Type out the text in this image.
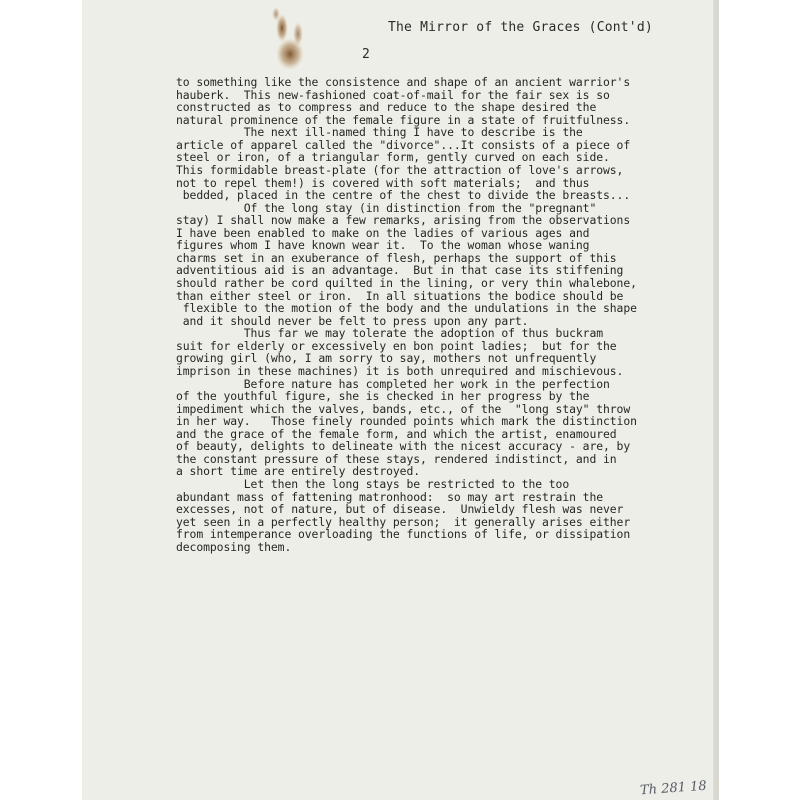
The Mirror of the Graces (Cont'd)
2
to something like the consistence and shape of an ancient warrior's
hauberk.  This new-fashioned coat-of-mail for the fair sex is so
constructed as to compress and reduce to the shape desired the
natural prominence of the female figure in a state of fruitfulness.
The next ill-named thing I have to describe is the
article of apparel called the "divorce"...It consists of a piece of
steel or iron, of a triangular form, gently curved on each side.
This formidable breast-plate (for the attraction of love's arrows,
not to repel them!) is covered with soft materials;  and thus
bedded, placed in the centre of the chest to divide the breasts...
Of the long stay (in distinction from the "pregnant"
stay) I shall now make a few remarks, arising from the observations
I have been enabled to make on the ladies of various ages and
figures whom I have known wear it.  To the woman whose waning
charms set in an exuberance of flesh, perhaps the support of this
adventitious aid is an advantage.  But in that case its stiffening
should rather be cord quilted in the lining, or very thin whalebone,
than either steel or iron.  In all situations the bodice should be
flexible to the motion of the body and the undulations in the shape
and it should never be felt to press upon any part.
Thus far we may tolerate the adoption of thus buckram
suit for elderly or excessively en bon point ladies;  but for the
growing girl (who, I am sorry to say, mothers not unfrequently
imprison in these machines) it is both unrequired and mischievous.
Before nature has completed her work in the perfection
of the youthful figure, she is checked in her progress by the
impediment which the valves, bands, etc., of the  "long stay" throw
in her way.   Those finely rounded points which mark the distinction
and the grace of the female form, and which the artist, enamoured
of beauty, delights to delineate with the nicest accuracy - are, by
the constant pressure of these stays, rendered indistinct, and in
a short time are entirely destroyed.
Let then the long stays be restricted to the too
abundant mass of fattening matronhood:  so may art restrain the
excesses, not of nature, but of disease.  Unwieldy flesh was never
yet seen in a perfectly healthy person;  it generally arises either
from intemperance overloading the functions of life, or dissipation
decomposing them.
Th 281 18
